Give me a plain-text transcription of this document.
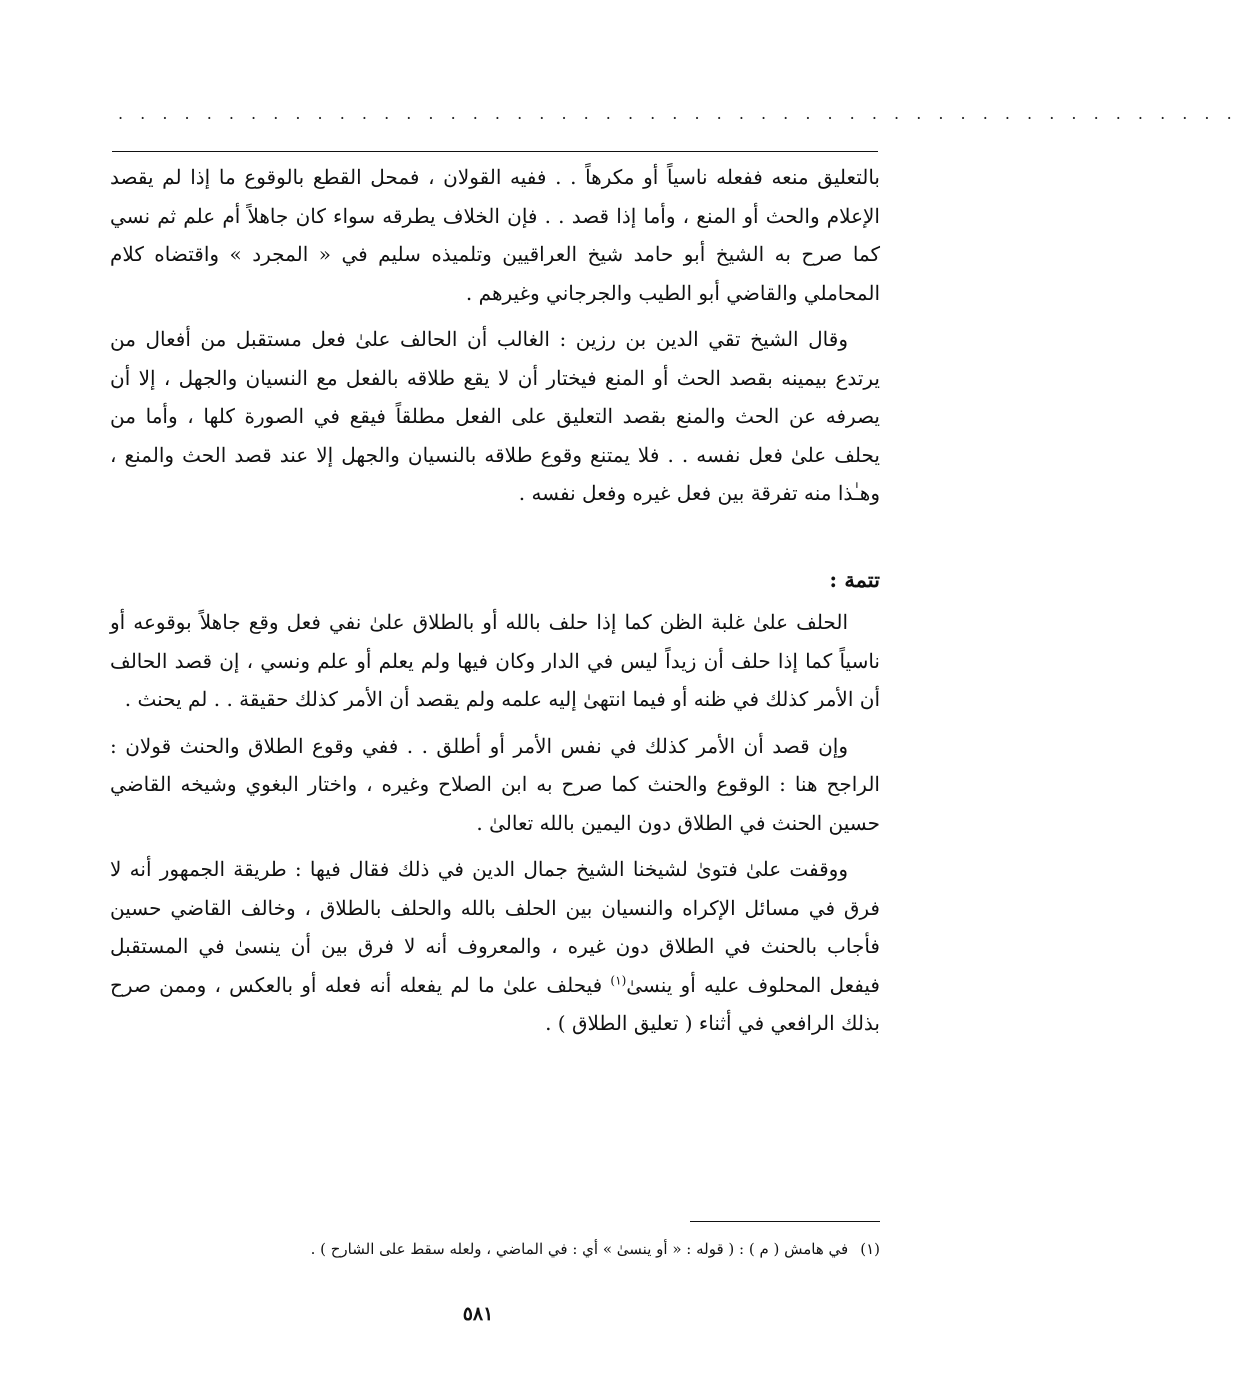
. . . . . . . . . . . . . . . . . . . . . . . . . . . . . . . . . . . . . . . . . . . . . . . . . . .

بالتعليق منعه ففعله ناسياً أو مكرهاً . . ففيه القولان ، فمحل القطع بالوقوع ما إذا لم يقصد الإعلام والحث أو المنع ، وأما إذا قصد . . فإن الخلاف يطرقه سواء كان جاهلاً أم علم ثم نسي كما صرح به الشيخ أبو حامد شيخ العراقيين وتلميذه سليم في « المجرد » واقتضاه كلام المحاملي والقاضي أبو الطيب والجرجاني وغيرهم .

وقال الشيخ تقي الدين بن رزين : الغالب أن الحالف علىٰ فعل مستقبل من أفعال من يرتدع بيمينه بقصد الحث أو المنع فيختار أن لا يقع طلاقه بالفعل مع النسيان والجهل ، إلا أن يصرفه عن الحث والمنع بقصد التعليق على الفعل مطلقاً فيقع في الصورة كلها ، وأما من يحلف علىٰ فعل نفسه . . فلا يمتنع وقوع طلاقه بالنسيان والجهل إلا عند قصد الحث والمنع ، وهـٰذا منه تفرقة بين فعل غيره وفعل نفسه .

تتمة :

الحلف علىٰ غلبة الظن كما إذا حلف بالله أو بالطلاق علىٰ نفي فعل وقع جاهلاً بوقوعه أو ناسياً كما إذا حلف أن زيداً ليس في الدار وكان فيها ولم يعلم أو علم ونسي ، إن قصد الحالف أن الأمر كذلك في ظنه أو فيما انتهىٰ إليه علمه ولم يقصد أن الأمر كذلك حقيقة . . لم يحنث .

وإن قصد أن الأمر كذلك في نفس الأمر أو أطلق . . ففي وقوع الطلاق والحنث قولان : الراجح هنا : الوقوع والحنث كما صرح به ابن الصلاح وغيره ، واختار البغوي وشيخه القاضي حسين الحنث في الطلاق دون اليمين بالله تعالىٰ .

ووقفت علىٰ فتوىٰ لشيخنا الشيخ جمال الدين في ذلك فقال فيها : طريقة الجمهور أنه لا فرق في مسائل الإكراه والنسيان بين الحلف بالله والحلف بالطلاق ، وخالف القاضي حسين فأجاب بالحنث في الطلاق دون غيره ، والمعروف أنه لا فرق بين أن ينسىٰ في المستقبل فيفعل المحلوف عليه أو ينسىٰ$^{(١)}$ فيحلف علىٰ ما لم يفعله أنه فعله أو بالعكس ، وممن صرح بذلك الرافعي في أثناء ( تعليق الطلاق ) .

(١)في هامش ( م ) : ( قوله : « أو ينسىٰ » أي : في الماضي ، ولعله سقط على الشارح ) .
٥٨١
